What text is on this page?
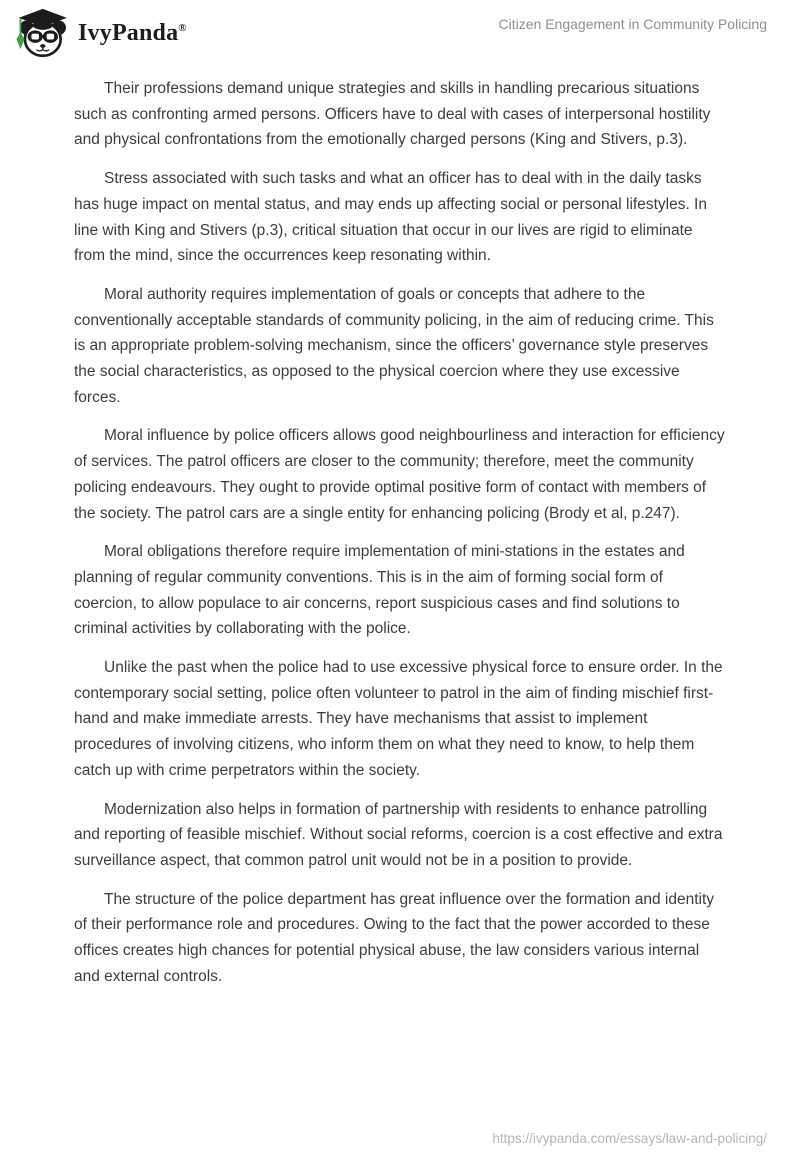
IvyPanda®	Citizen Engagement in Community Policing

Their professions demand unique strategies and skills in handling precarious situations such as confronting armed persons. Officers have to deal with cases of interpersonal hostility and physical confrontations from the emotionally charged persons (King and Stivers, p.3).

Stress associated with such tasks and what an officer has to deal with in the daily tasks has huge impact on mental status, and may ends up affecting social or personal lifestyles. In line with King and Stivers (p.3), critical situation that occur in our lives are rigid to eliminate from the mind, since the occurrences keep resonating within.

Moral authority requires implementation of goals or concepts that adhere to the conventionally acceptable standards of community policing, in the aim of reducing crime. This is an appropriate problem-solving mechanism, since the officers’ governance style preserves the social characteristics, as opposed to the physical coercion where they use excessive forces.

Moral influence by police officers allows good neighbourliness and interaction for efficiency of services. The patrol officers are closer to the community; therefore, meet the community policing endeavours. They ought to provide optimal positive form of contact with members of the society. The patrol cars are a single entity for enhancing policing (Brody et al, p.247).

Moral obligations therefore require implementation of mini-stations in the estates and planning of regular community conventions. This is in the aim of forming social form of coercion, to allow populace to air concerns, report suspicious cases and find solutions to criminal activities by collaborating with the police.

Unlike the past when the police had to use excessive physical force to ensure order. In the contemporary social setting, police often volunteer to patrol in the aim of finding mischief first-hand and make immediate arrests. They have mechanisms that assist to implement procedures of involving citizens, who inform them on what they need to know, to help them catch up with crime perpetrators within the society.

Modernization also helps in formation of partnership with residents to enhance patrolling and reporting of feasible mischief. Without social reforms, coercion is a cost effective and extra surveillance aspect, that common patrol unit would not be in a position to provide.

The structure of the police department has great influence over the formation and identity of their performance role and procedures. Owing to the fact that the power accorded to these offices creates high chances for potential physical abuse, the law considers various internal and external controls.

https://ivypanda.com/essays/law-and-policing/
